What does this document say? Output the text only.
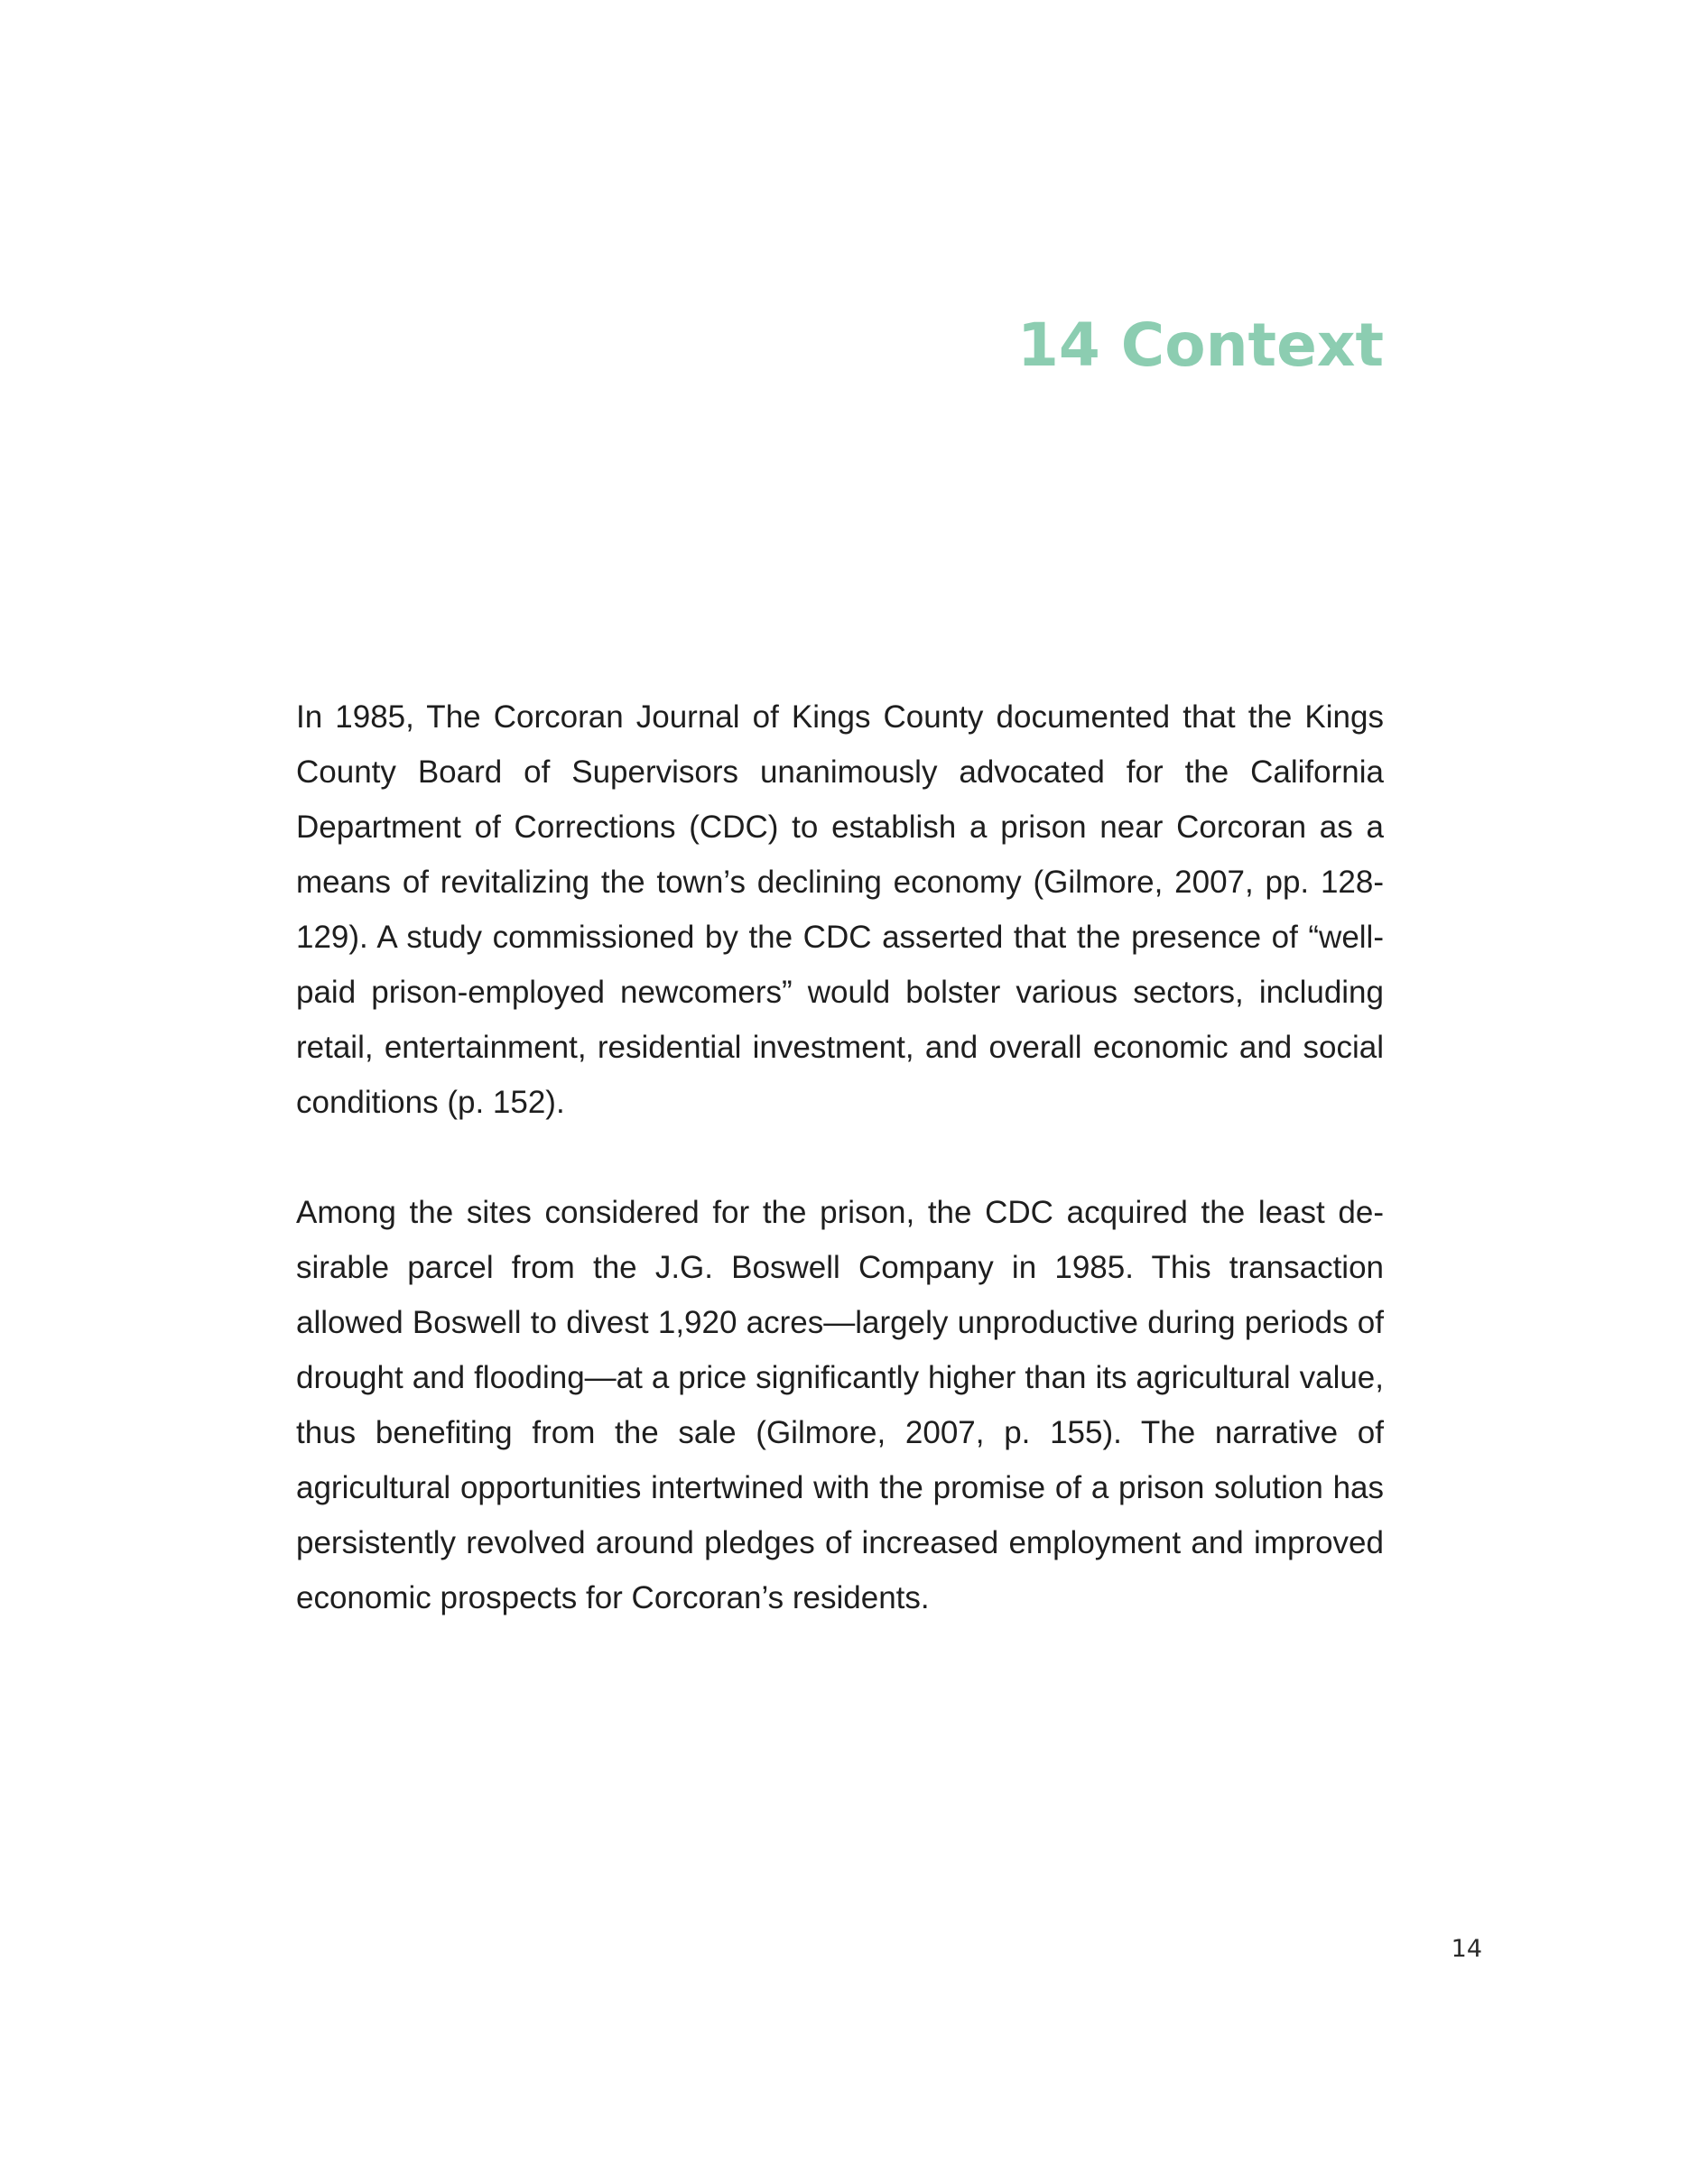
14 Context

In 1985, The Corcoran Journal of Kings County documented that the Kings County Board of Supervisors unanimously advocated for the California Department of Corrections (CDC) to establish a prison near Corcoran as a means of revitalizing the town’s declining economy (Gilmore, 2007, pp. 128-129). A study commissioned by the CDC asserted that the presence of “well-paid prison-employed newcomers” would bolster various sectors, including retail, entertainment, residential investment, and overall economic and social conditions (p. 152).

Among the sites considered for the prison, the CDC acquired the least desirable parcel from the J.G. Boswell Company in 1985. This transaction allowed Boswell to divest 1,920 acres—largely unproductive during periods of drought and flooding—at a price significantly higher than its agricultural value, thus benefiting from the sale (Gilmore, 2007, p. 155). The narrative of agricultural opportunities intertwined with the promise of a prison solution has persistently revolved around pledges of increased employment and improved economic prospects for Corcoran’s residents.

14
